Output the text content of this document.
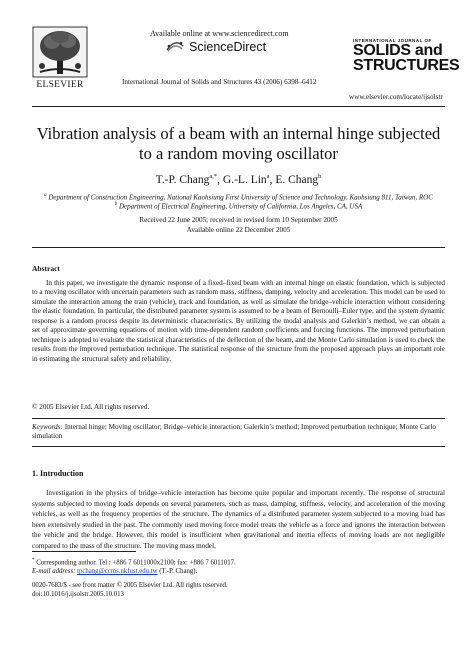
ELSEVIER
Available online at www.sciencedirect.com
ScienceDirect
International Journal of Solids and Structures 43 (2006) 6398–6412
INTERNATIONAL JOURNAL OF
SOLIDS and
STRUCTURES
www.elsevier.com/locate/ijsolstr
Vibration analysis of a beam with an internal hinge subjected to a random moving oscillator
T.-P. Chang$^{a,*}$, G.-L. Lin$^a$, E. Chang$^b$
$^a$ Department of Construction Engineering, National Kaohsiung First University of Science and Technology, Kaohsiung 811, Taiwan, ROC
$^b$ Department of Electrical Engineering, University of California, Los Angeles, CA, USA
Received 22 June 2005; received in revised form 10 September 2005
Available online 22 December 2005
Abstract

In this paper, we investigate the dynamic response of a fixed–fixed beam with an internal hinge on elastic foundation, which is subjected to a moving oscillator with uncertain parameters such as random mass, stiffness, damping, velocity and acceleration. This model can be used to simulate the interaction among the train (vehicle), track and foundation, as well as simulate the bridge–vehicle interaction without considering the elastic foundation. In particular, the distributed parameter system is assumed to be a beam of Bernoulli–Euler type, and the system dynamic response is a random process despite its deterministic characteristics. By utilizing the modal analysis and Galerkin’s method, we can obtain a set of approximate governing equations of motion with time-dependent random coefficients and forcing functions. The improved perturbation technique is adopted to evaluate the statistical characteristics of the deflection of the beam, and the Monte Carlo simulation is used to check the results from the improved perturbation technique. The statistical response of the structure from the proposed approach plays an important role in estimating the structural safety and reliability.

© 2005 Elsevier Ltd. All rights reserved.
Keywords: Internal hinge; Moving oscillator; Bridge–vehicle interaction; Galerkin’s method; Improved perturbation technique; Monte Carlo simulation
1. Introduction

Investigation in the physics of bridge–vehicle interaction has become quite popular and important recently. The response of structural systems subjected to moving loads depends on several parameters, such as mass, damping, stiffness, velocity, and acceleration of the moving vehicles, as well as the frequency properties of the structure. The dynamics of a distributed parameter system subjected to a moving load has been extensively studied in the past. The commonly used moving force model treats the vehicle as a force and ignores the interaction between the vehicle and the bridge. However, this model is insufficient when gravitational and inertia effects of moving loads are not negligible compared to the mass of the structure. The moving mass model,

* Corresponding author. Tel.: +886 7 6011000x2100; fax: +886 7 6011017.
E-mail address: tpchang@ccms.nkfust.edu.tw (T.-P. Chang).
0020-7683/$ - see front matter © 2005 Elsevier Ltd. All rights reserved.
doi:10.1016/j.ijsolstr.2005.10.013
